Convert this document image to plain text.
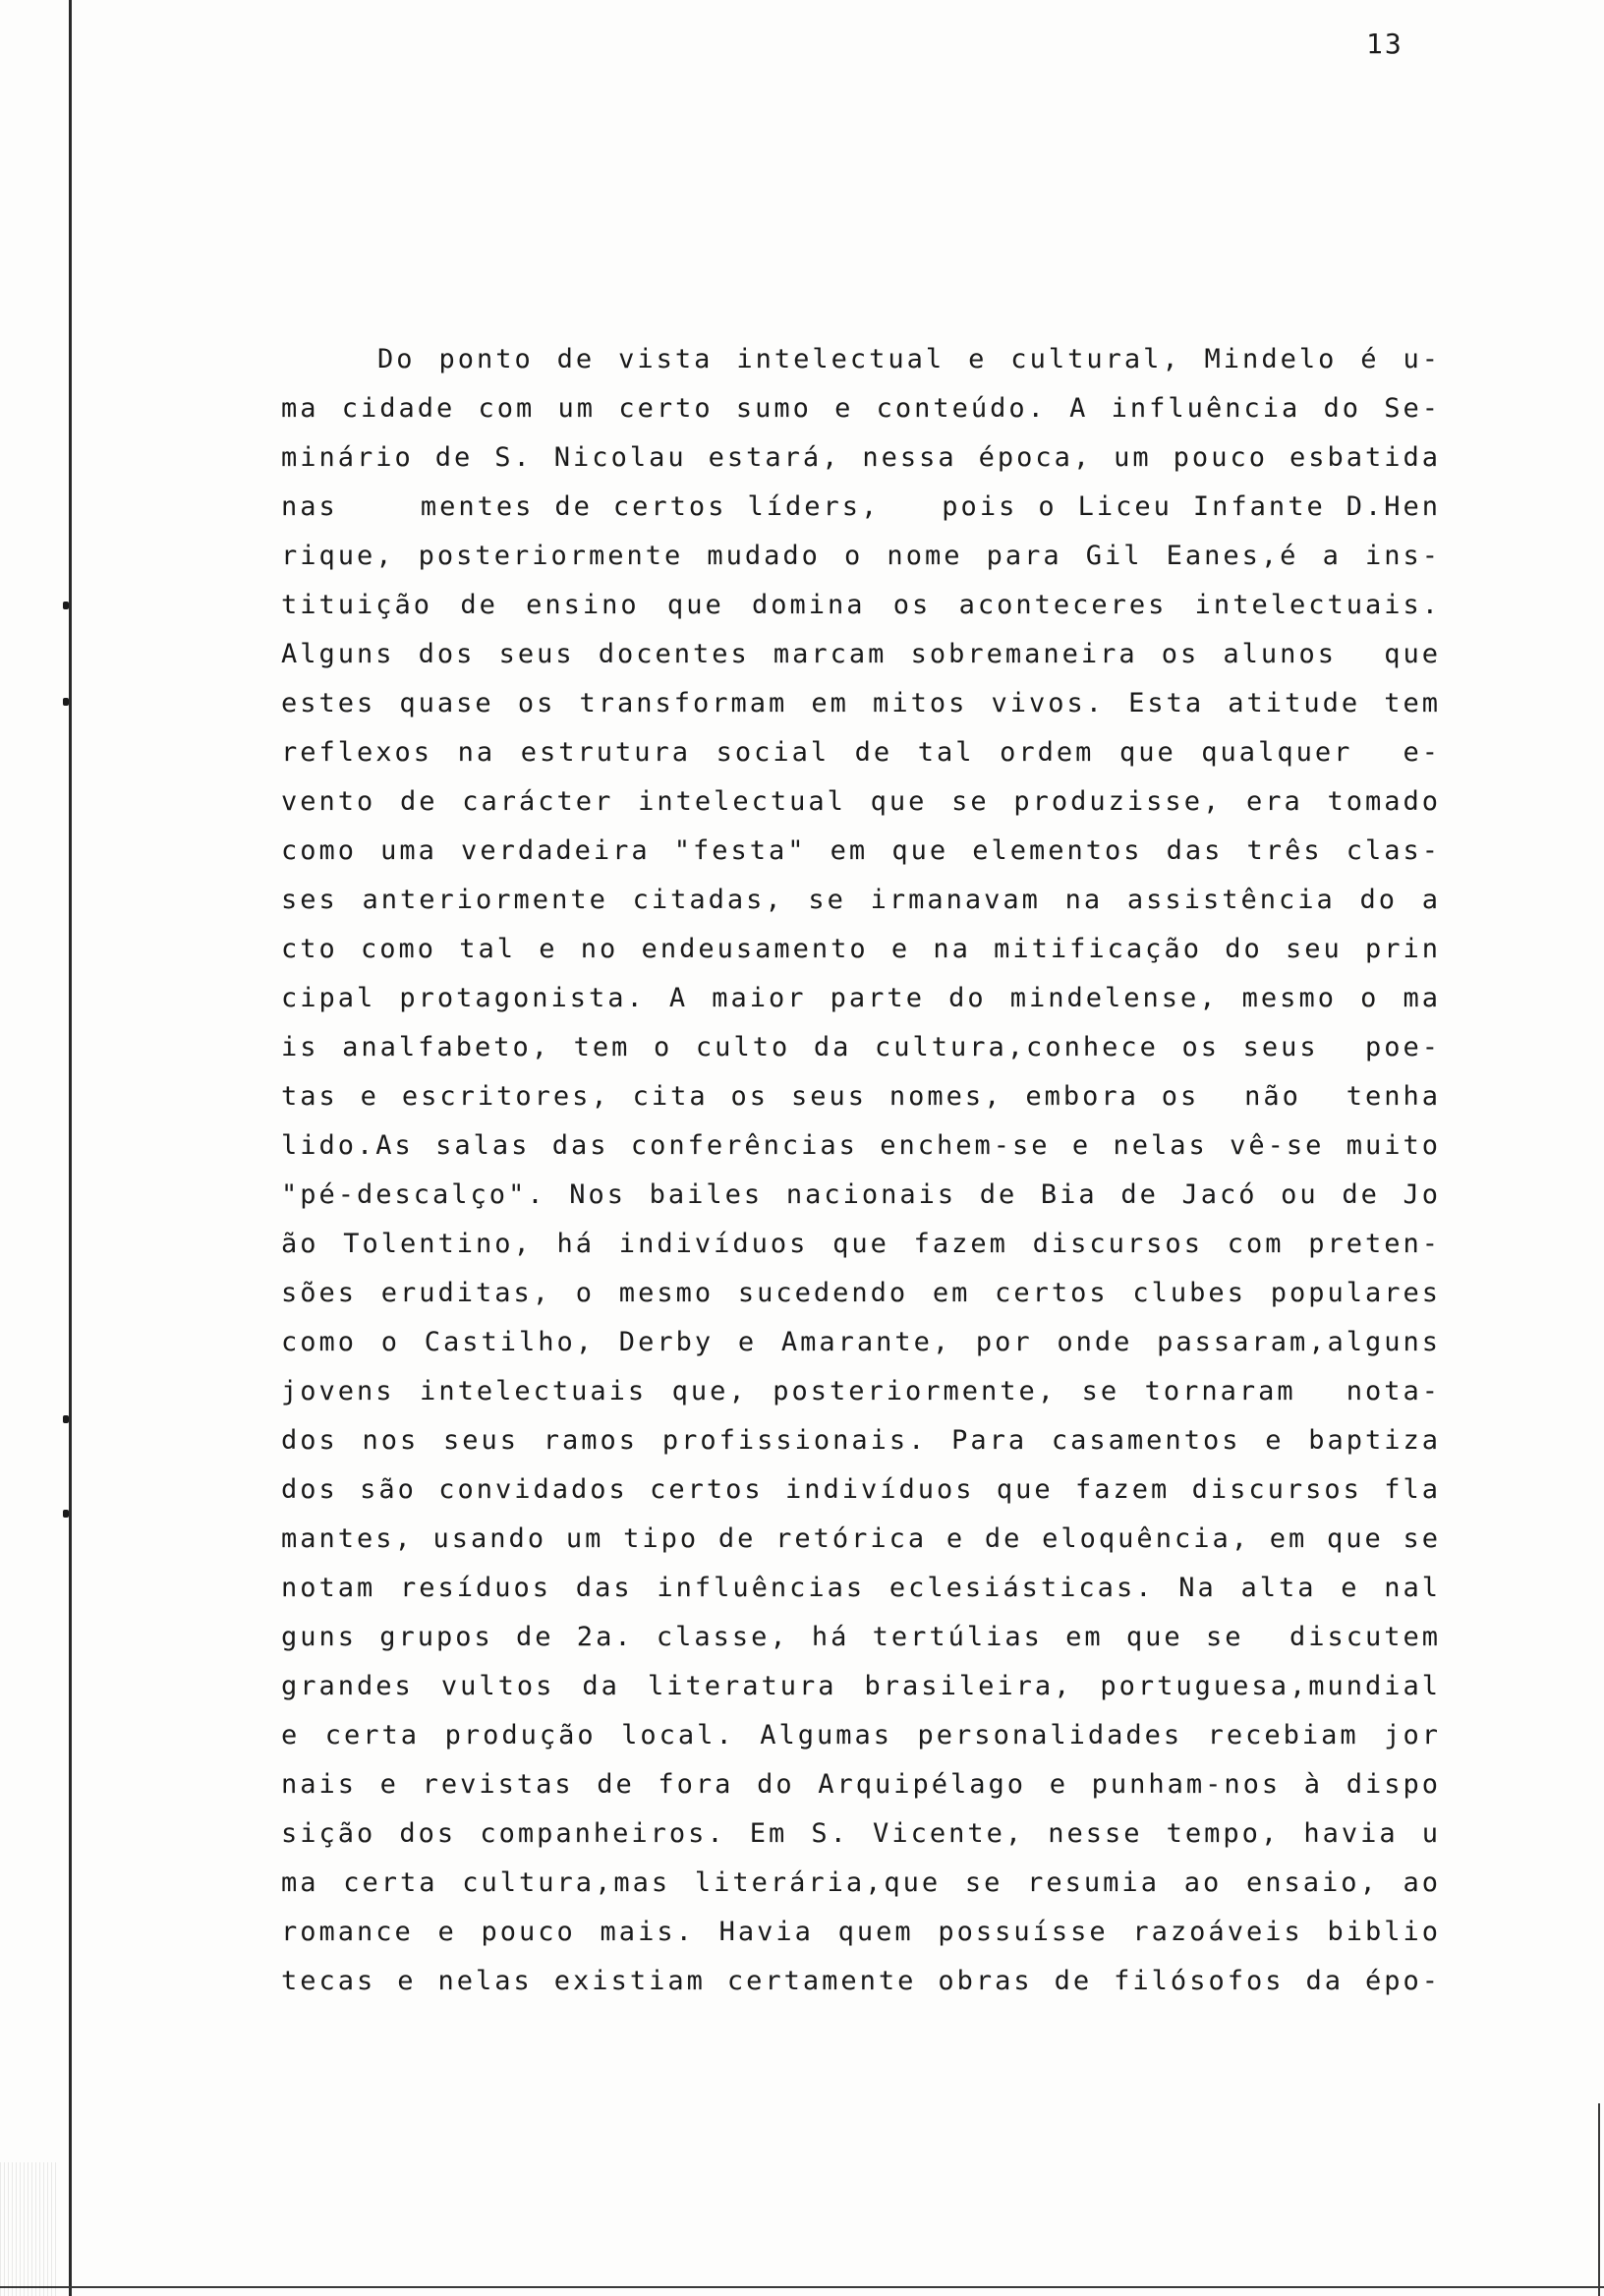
13
Do ponto de vista intelectual e cultural, Mindelo é u-
ma cidade com um certo sumo e conteúdo. A influência do Se-
minário de S. Nicolau estará, nessa época, um pouco esbatida
nas    mentes de certos líders,   pois o Liceu Infante D.Hen
rique, posteriormente mudado o nome para Gil Eanes,é a ins-
tituição de ensino que domina os aconteceres intelectuais.
Alguns dos seus docentes marcam sobremaneira os alunos  que
estes quase os transformam em mitos vivos. Esta atitude tem
reflexos na estrutura social de tal ordem que qualquer  e-
vento de carácter intelectual que se produzisse, era tomado
como uma verdadeira "festa" em que elementos das três clas-
ses anteriormente citadas, se irmanavam na assistência do a
cto como tal e no endeusamento e na mitificação do seu prin
cipal protagonista. A maior parte do mindelense, mesmo o ma
is analfabeto, tem o culto da cultura,conhece os seus  poe-
tas e escritores, cita os seus nomes, embora os  não  tenha
lido.As salas das conferências enchem-se e nelas vê-se muito
"pé-descalço". Nos bailes nacionais de Bia de Jacó ou de Jo
ão Tolentino, há indivíduos que fazem discursos com preten-
sões eruditas, o mesmo sucedendo em certos clubes populares
como o Castilho, Derby e Amarante, por onde passaram,alguns
jovens intelectuais que, posteriormente, se tornaram  nota-
dos nos seus ramos profissionais. Para casamentos e baptiza
dos são convidados certos indivíduos que fazem discursos fla
mantes, usando um tipo de retórica e de eloquência, em que se
notam resíduos das influências eclesiásticas. Na alta e nal
guns grupos de 2a. classe, há tertúlias em que se  discutem
grandes vultos da literatura brasileira, portuguesa,mundial
e certa produção local. Algumas personalidades recebiam jor
nais e revistas de fora do Arquipélago e punham-nos à dispo
sição dos companheiros. Em S. Vicente, nesse tempo, havia u
ma certa cultura,mas literária,que se resumia ao ensaio, ao
romance e pouco mais. Havia quem possuísse razoáveis biblio
tecas e nelas existiam certamente obras de filósofos da épo-
